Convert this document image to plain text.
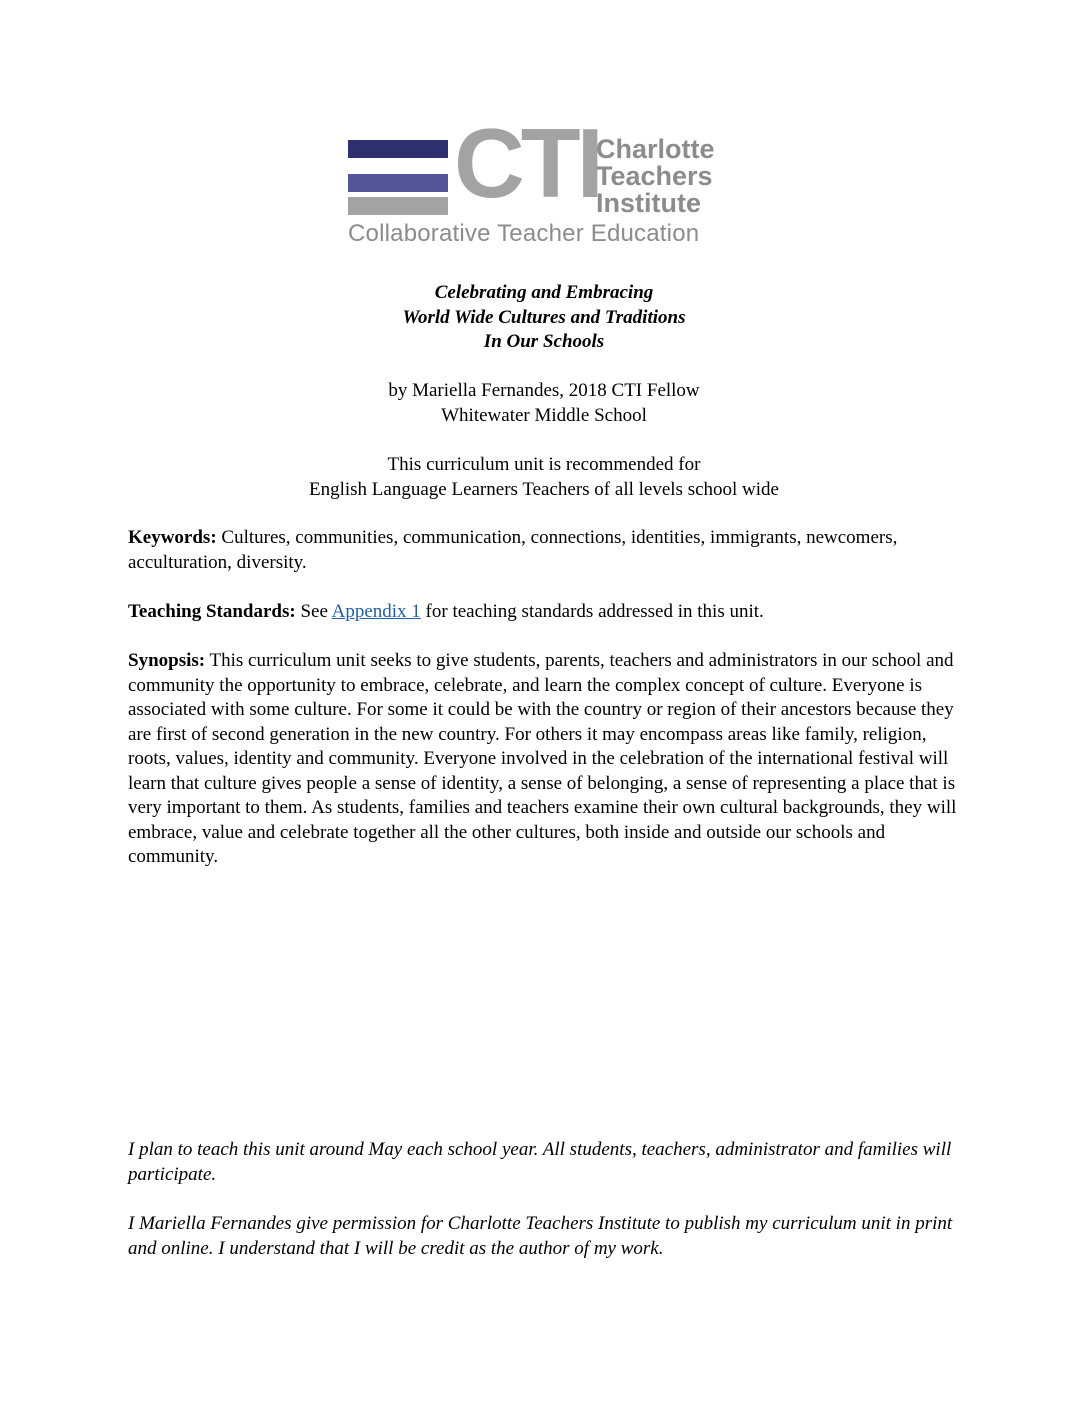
CTI
Charlotte
Teachers
Institute
Collaborative Teacher Education
Celebrating and Embracing
World Wide Cultures and Traditions
In Our Schools
by Mariella Fernandes, 2018 CTI Fellow
Whitewater Middle School
This curriculum unit is recommended for
English Language Learners Teachers of all levels school wide
Keywords: Cultures, communities, communication, connections, identities, immigrants, newcomers, acculturation, diversity.
Teaching Standards: See Appendix 1 for teaching standards addressed in this unit.
Synopsis: This curriculum unit seeks to give students, parents, teachers and administrators in our school and community the opportunity to embrace, celebrate, and learn the complex concept of culture. Everyone is associated with some culture. For some it could be with the country or region of their ancestors because they are first of second generation in the new country. For others it may encompass areas like family, religion, roots, values, identity and community. Everyone involved in the celebration of the international festival will learn that culture gives people a sense of identity, a sense of belonging, a sense of representing a place that is very important to them. As students, families and teachers examine their own cultural backgrounds, they will embrace, value and celebrate together all the other cultures, both inside and outside our schools and community.
I plan to teach this unit around May each school year. All students, teachers, administrator and families will participate.
I Mariella Fernandes give permission for Charlotte Teachers Institute to publish my curriculum unit in print and online. I understand that I will be credit as the author of my work.
